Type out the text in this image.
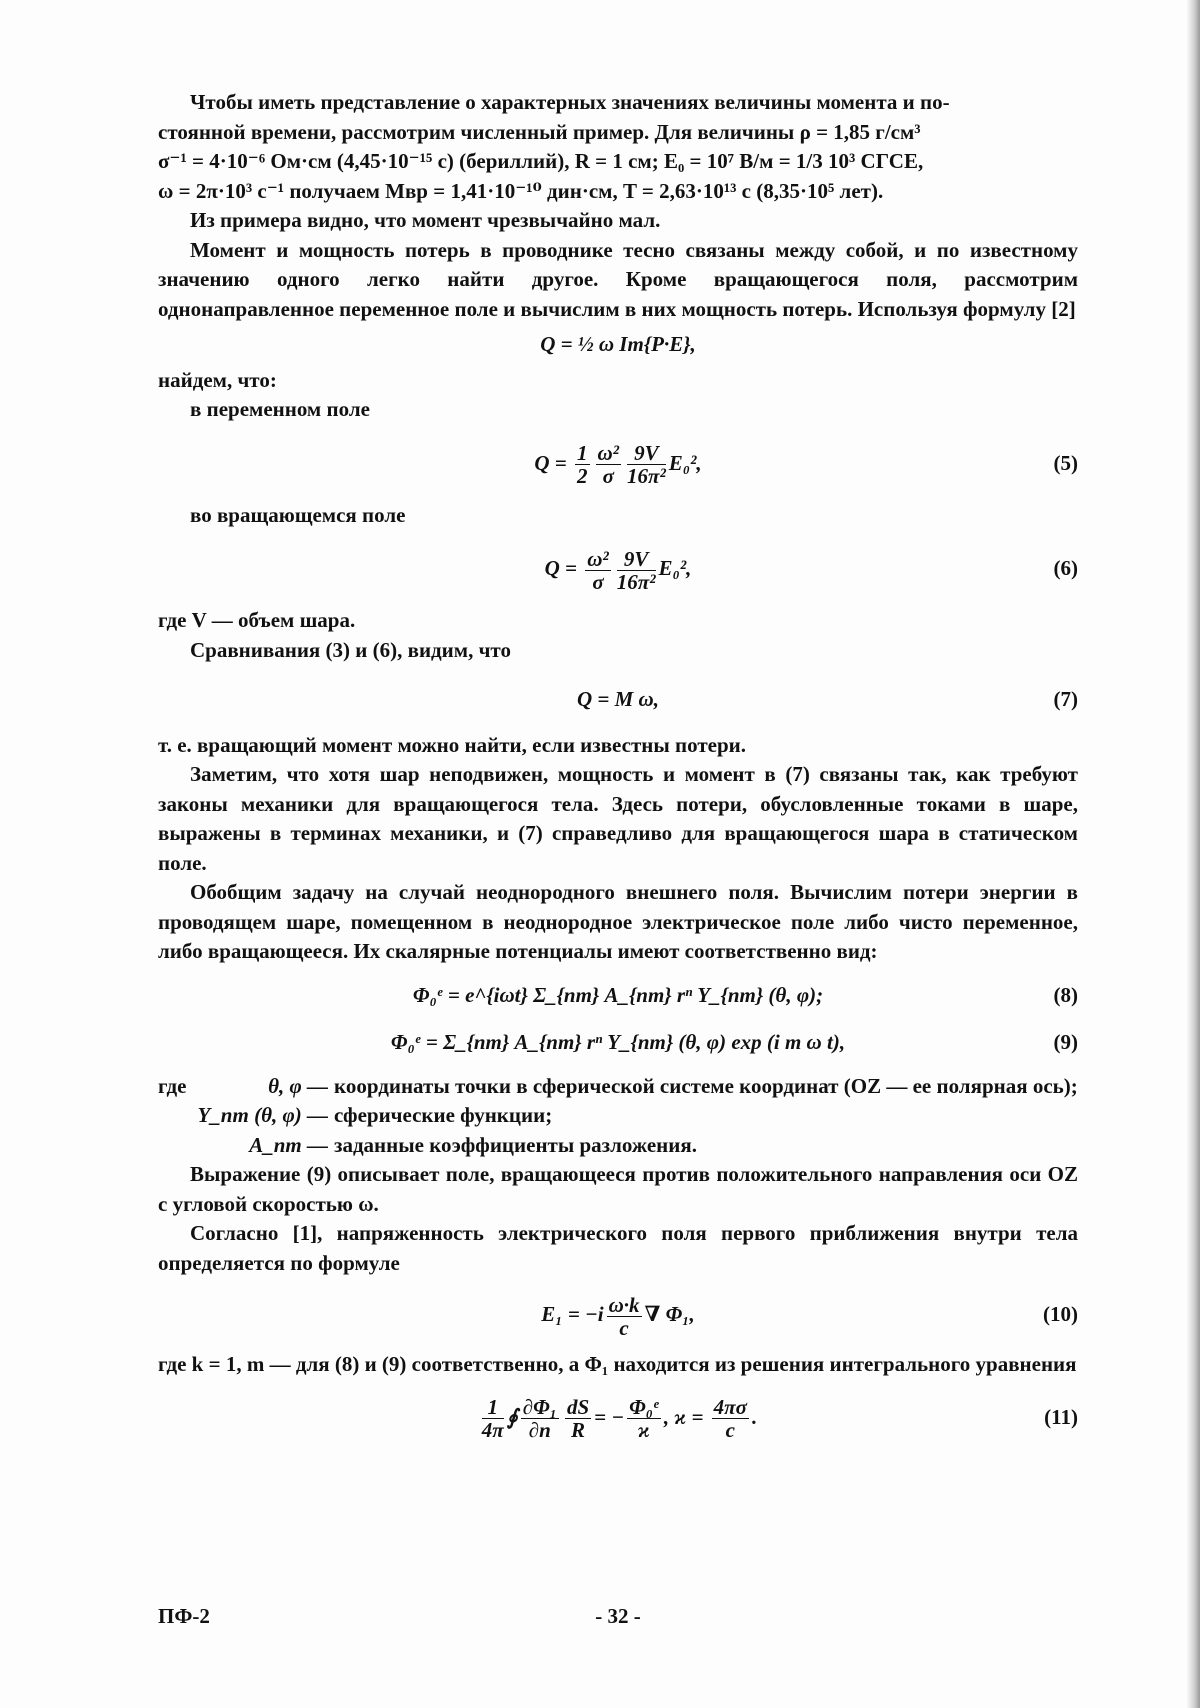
Чтобы иметь представление о характерных значениях величины момента и по-

стоянной времени, рассмотрим численный пример. Для величины ρ = 1,85 г/см³

σ⁻¹ = 4·10⁻⁶ Ом·см (4,45·10⁻¹⁵ с) (бериллий), R = 1 см; E₀ = 10⁷ В/м = 1/3 10³ СГСЕ,

ω = 2π·10³ с⁻¹ получаем Mвр = 1,41·10⁻¹⁰ дин·см, T = 2,63·10¹³ с (8,35·10⁵ лет).

Из примера видно, что момент чрезвычайно мал.

Момент и мощность потерь в проводнике тесно связаны между собой, и по известному значению одного легко найти другое. Кроме вращающегося поля, рассмотрим однонаправленное переменное поле и вычислим в них мощность потерь. Используя формулу [2]

Q = ½ ω Im{P·E},

найдем, что:

в переменном поле

$Q = \frac{1}{2} \frac{\text{ω²}}{\sigma} \frac{9V}{\text{16π²}} E_0^2$,	(5)

во вращающемся поле

$Q = \frac{\text{ω²}}{\sigma} \frac{9V}{\text{16π²}} E_0^2$,	(6)

где V — объем шара.

Сравнивания (3) и (6), видим, что

Q = M ω,	(7)

т. е. вращающий момент можно найти, если известны потери.

Заметим, что хотя шар неподвижен, мощность и момент в (7) связаны так, как требуют законы механики для вращающегося тела. Здесь потери, обусловленные токами в шаре, выражены в терминах механики, и (7) справедливо для вращающегося шара в статическом поле.

Обобщим задачу на случай неоднородного внешнего поля. Вычислим потери энергии в проводящем шаре, помещенном в неоднородное электрическое поле либо чисто переменное, либо вращающееся. Их скалярные потенциалы имеют соответственно вид:

Φ₀ᵉ = e^{iωt} Σ_{nm} A_{nm} rⁿ Y_{nm} (θ, φ);	(8)
Φ₀ᵉ = Σ_{nm} A_{nm} rⁿ Y_{nm} (θ, φ) exp (i m ω t),	(9)
где	θ, φ — координаты точки в сферической системе координат (OZ — ее полярная ось);
Y_nm (θ, φ) — сферические функции;
A_nm — заданные коэффициенты разложения.

Выражение (9) описывает поле, вращающееся против положительного направления оси OZ с угловой скоростью ω.

Согласно [1], напряженность электрического поля первого приближения внутри тела определяется по формуле

$E_1 = -i \frac{\omega\cdot k}{c}$ ∇ Φ₁,	(10)

где k = 1, m — для (8) и (9) соответственно, а Φ₁ находится из решения интегрального уравнения

$\frac{1}{4\pi}$ ∮ $\frac{\text{∂Φ₁}}{\partial n} \frac{dS}{R}$ = − $\frac{\text{Φ₀ᵉ}}{ϰ}$ , $ϰ = \frac{4\pi\sigma}{c}$ .	(11)
- 32 -
ПФ-2
